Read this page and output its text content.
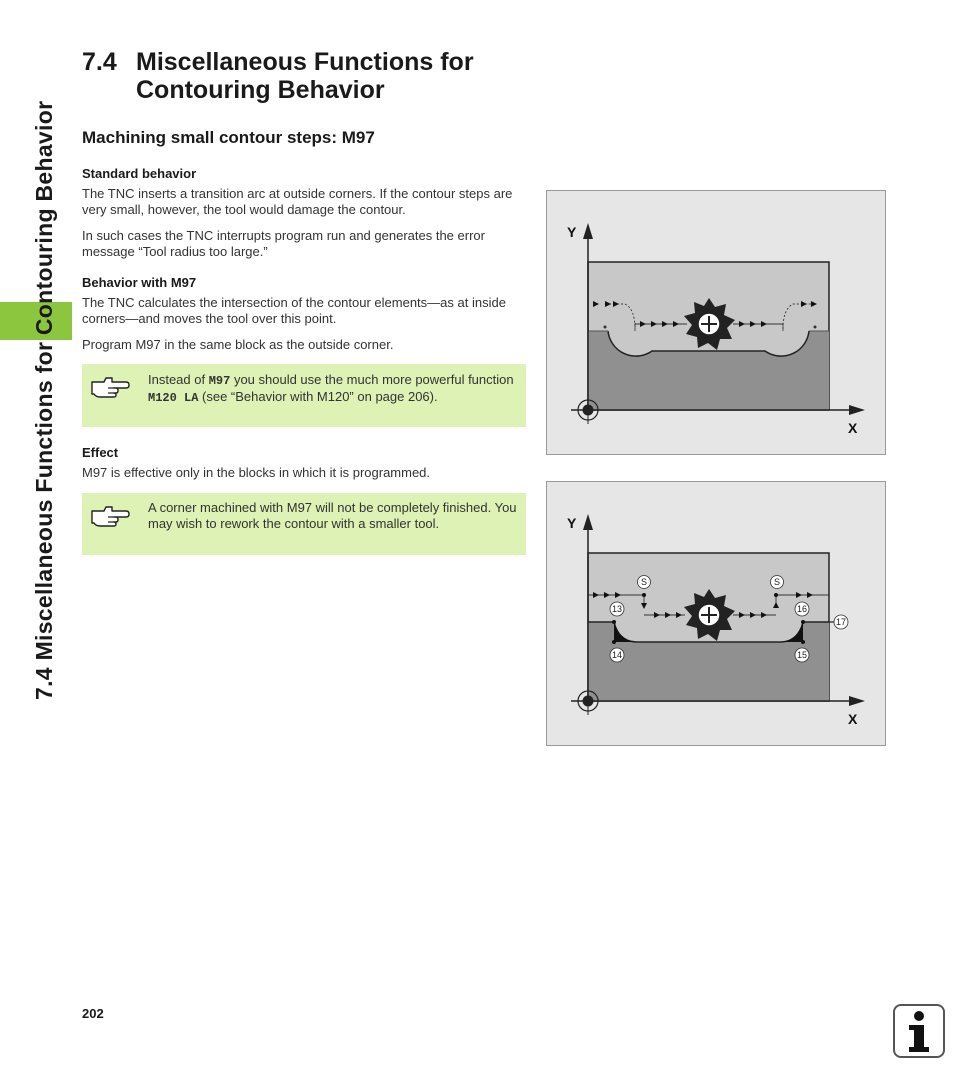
7.4 Miscellaneous Functions for Contouring Behavior
7.4 Miscellaneous Functions for Contouring Behavior
Machining small contour steps: M97
Standard behavior
The TNC inserts a transition arc at outside corners. If the contour steps are very small, however, the tool would damage the contour.
In such cases the TNC interrupts program run and generates the error message “Tool radius too large.”
Behavior with M97
The TNC calculates the intersection of the contour elements—as at inside corners—and moves the tool over this point.
Program M97 in the same block as the outside corner.
Instead of M97 you should use the much more powerful function M120 LA (see “Behavior with M120” on page 206).
Effect
M97 is effective only in the blocks in which it is programmed.
A corner machined with M97 will not be completely finished. You may wish to rework the contour with a smaller tool.
Y
X
S	S
13
14	15
16
17
Y
X
202
